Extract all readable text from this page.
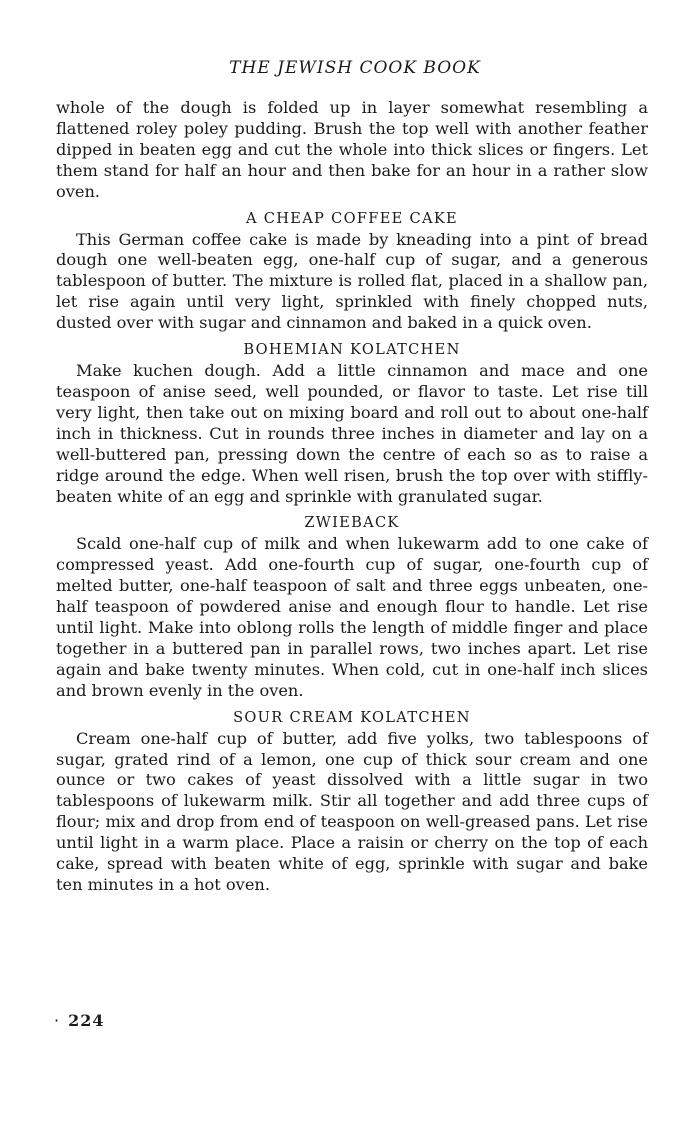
THE JEWISH COOK BOOK

whole of the dough is folded up in layer somewhat resembling a flattened roley poley pudding. Brush the top well with another feather dipped in beaten egg and cut the whole into thick slices or fingers. Let them stand for half an hour and then bake for an hour in a rather slow oven.

A CHEAP COFFEE CAKE

This German coffee cake is made by kneading into a pint of bread dough one well-beaten egg, one-half cup of sugar, and a generous tablespoon of butter. The mixture is rolled flat, placed in a shallow pan, let rise again until very light, sprinkled with finely chopped nuts, dusted over with sugar and cinnamon and baked in a quick oven.

BOHEMIAN KOLATCHEN

Make kuchen dough. Add a little cinnamon and mace and one teaspoon of anise seed, well pounded, or flavor to taste. Let rise till very light, then take out on mixing board and roll out to about one-half inch in thickness. Cut in rounds three inches in diameter and lay on a well-buttered pan, pressing down the centre of each so as to raise a ridge around the edge. When well risen, brush the top over with stiffly-beaten white of an egg and sprinkle with granulated sugar.

ZWIEBACK

Scald one-half cup of milk and when lukewarm add to one cake of compressed yeast. Add one-fourth cup of sugar, one-fourth cup of melted butter, one-half teaspoon of salt and three eggs unbeaten, one-half teaspoon of powdered anise and enough flour to handle. Let rise until light. Make into oblong rolls the length of middle finger and place together in a buttered pan in parallel rows, two inches apart. Let rise again and bake twenty minutes. When cold, cut in one-half inch slices and brown evenly in the oven.

SOUR CREAM KOLATCHEN

Cream one-half cup of butter, add five yolks, two tablespoons of sugar, grated rind of a lemon, one cup of thick sour cream and one ounce or two cakes of yeast dissolved with a little sugar in two tablespoons of lukewarm milk. Stir all together and add three cups of flour; mix and drop from end of teaspoon on well-greased pans. Let rise until light in a warm place. Place a raisin or cherry on the top of each cake, spread with beaten white of egg, sprinkle with sugar and bake ten minutes in a hot oven.

· 224
